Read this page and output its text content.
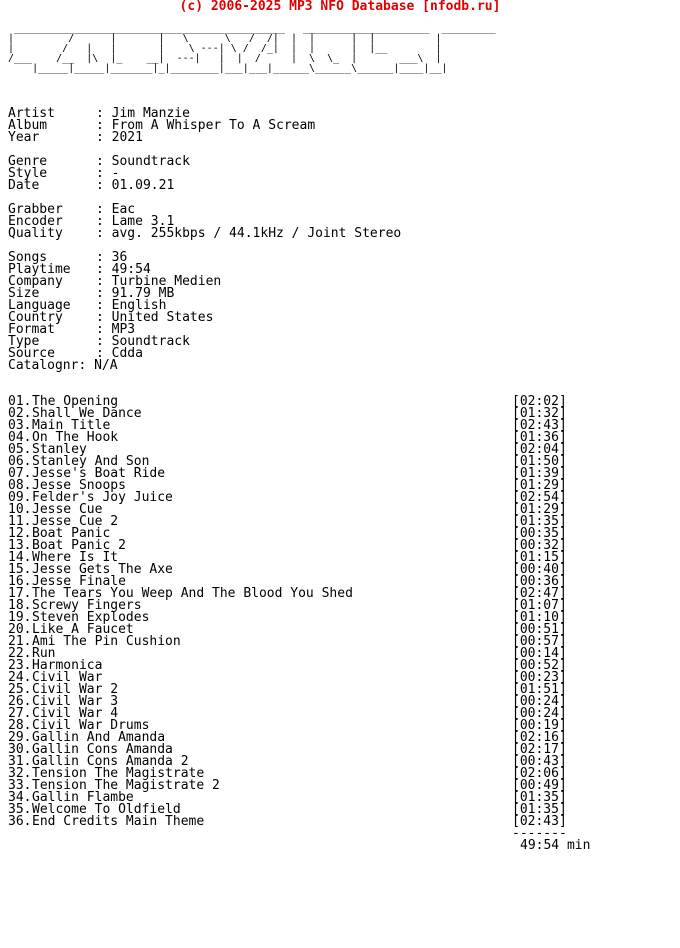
(c) 2006-2025 MP3 NFO Database [nfodb.ru]
_____________________________________________   _____________________  _________
|         /      |       |   \      \   /  /|  |  |      |  |          |
|        /   |   |       |    \ ---| \ /  /_|  |  |      |  |__        |
/___    /__  |\  |_    __|  ---|   |  |  /     |  \  \_  |       ___\  |
|_____|_____|_______|_|________|___|___|______\______\______|____|__|
Artist	: Jim Manzie
Album	: From A Whisper To A Scream
Year	: 2021
Genre	: Soundtrack
Style	: -
Date	: 01.09.21
Grabber	: Eac
Encoder	: Lame 3.1
Quality	: avg. 255kbps / 44.1kHz / Joint Stereo
Songs	: 36
Playtime : 49:54
Company	: Turbine Medien
Size	: 91.79 MB
Language : English
Country	: United States
Format	: MP3
Type	: Soundtrack
Source	: Cdda
Catalognr: N/A
01. The Opening	[02:02]
02. Shall We Dance	[01:32]
03. Main Title	[02:43]
04. On The Hook	[01:36]
05. Stanley	[02:04]
06. Stanley And Son	[01:50]
07. Jesse's Boat Ride	[01:39]
08. Jesse Snoops	[01:29]
09. Felder's Joy Juice	[02:54]
10. Jesse Cue	[01:29]
11. Jesse Cue 2	[01:35]
12. Boat Panic	[00:35]
13. Boat Panic 2	[00:32]
14. Where Is It	[01:15]
15. Jesse Gets The Axe	[00:40]
16. Jesse Finale	[00:36]
17. The Tears You Weep And The Blood You Shed	[02:47]
18. Screwy Fingers	[01:07]
19. Steven Explodes	[01:10]
20. Like A Faucet	[00:51]
21. Ami The Pin Cushion	[00:57]
22. Run	[00:14]
23. Harmonica	[00:52]
24. Civil War	[00:23]
25. Civil War 2	[01:51]
26. Civil War 3	[00:24]
27. Civil War 4	[00:24]
28. Civil War Drums	[00:19]
29. Gallin And Amanda	[02:16]
30. Gallin Cons Amanda	[02:17]
31. Gallin Cons Amanda 2	[00:43]
32. Tension The Magistrate	[02:06]
33. Tension The Magistrate 2	[00:49]
34. Gallin Flambe	[01:35]
35. Welcome To Oldfield	[01:35]
36. End Credits Main Theme	[02:43]
-------
49:54 min
